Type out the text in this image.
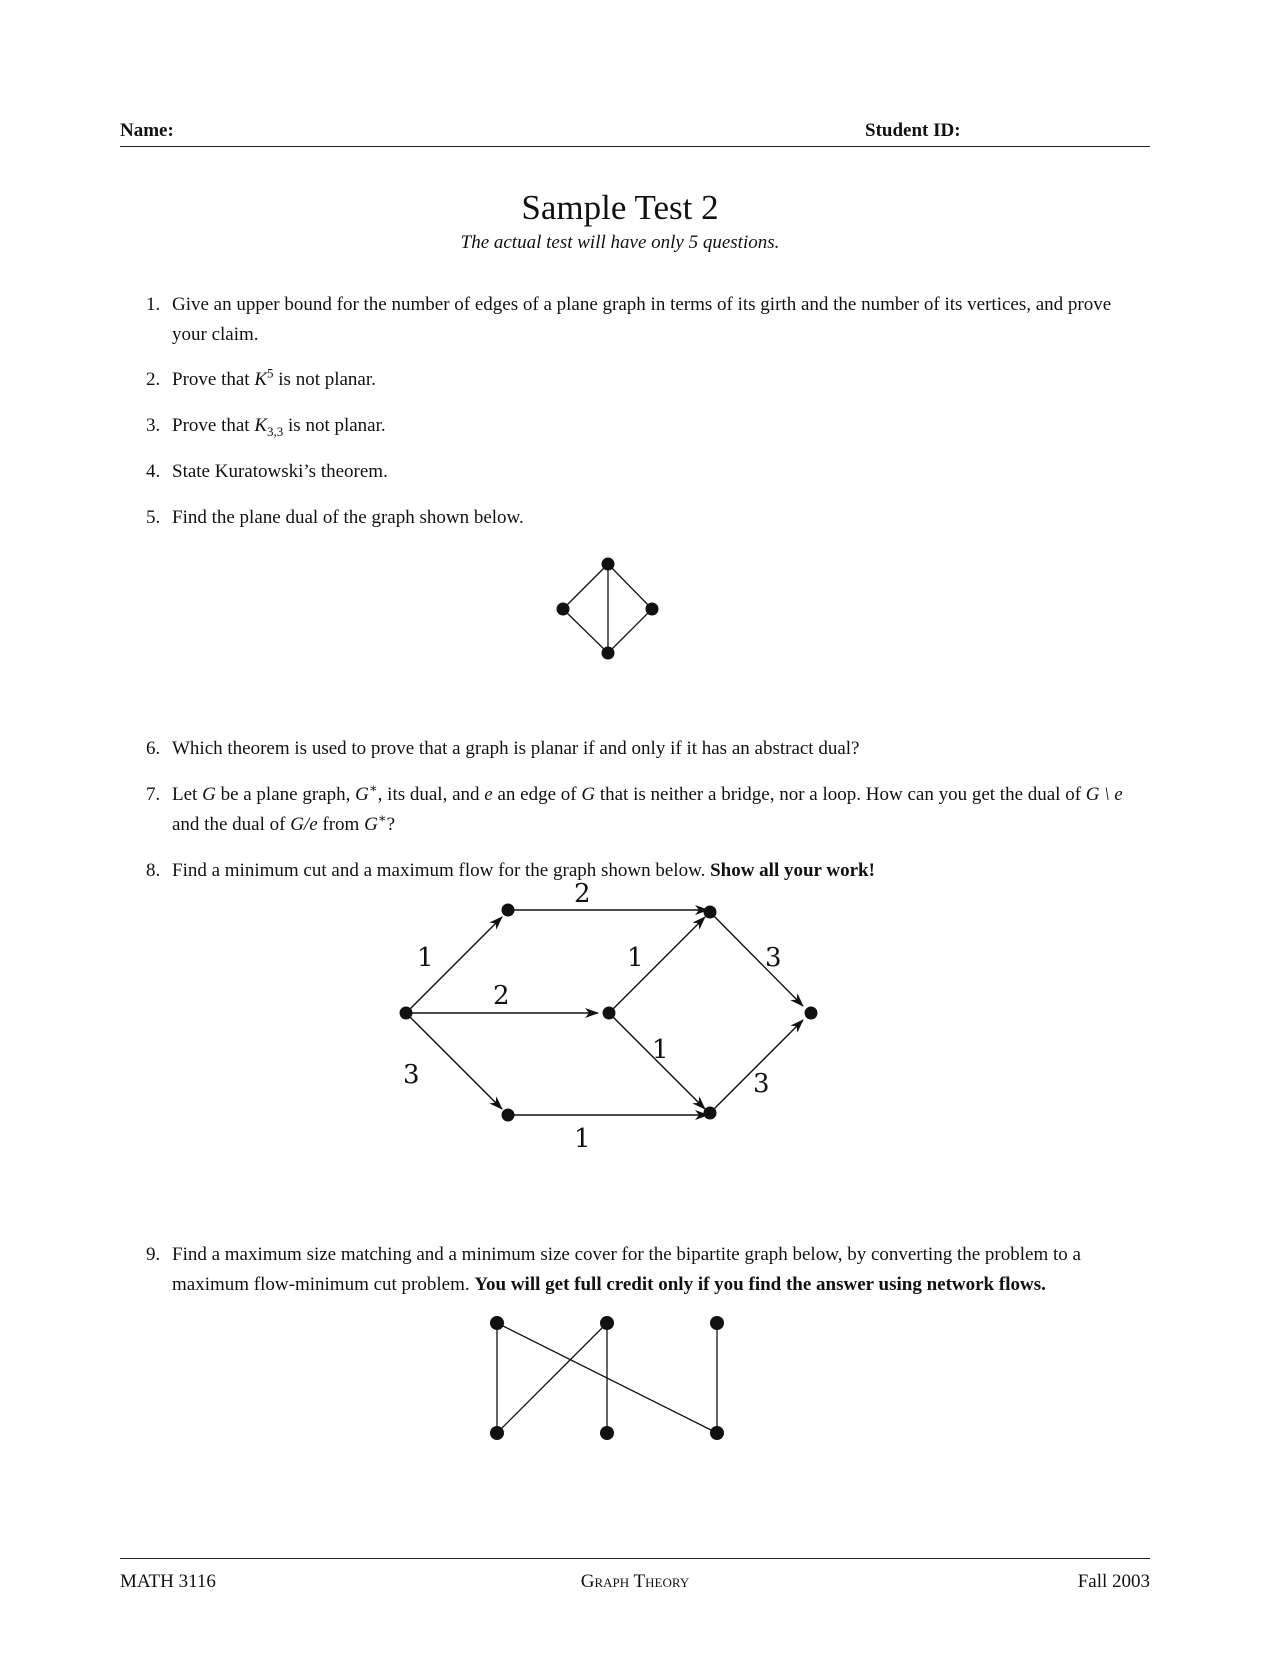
Name:	Student ID:
Sample Test 2
The actual test will have only 5 questions.
1. Give an upper bound for the number of edges of a plane graph in terms of its girth and the number of its vertices, and prove your claim.
2. Prove that $K^5$ is not planar.
3. Prove that $K_{3,3}$ is not planar.
4. State Kuratowski’s theorem.
5. Find the plane dual of the graph shown below.
6. Which theorem is used to prove that a graph is planar if and only if it has an abstract dual?
7. Let G be a plane graph, G∗, its dual, and e an edge of G that is neither a bridge, nor a loop. How can you get the dual of G \ e and the dual of G/e from G∗?
8. Find a minimum cut and a maximum flow for the graph shown below. Show all your work!
9. Find a maximum size matching and a minimum size cover for the bipartite graph below, by converting the problem to a maximum flow-minimum cut problem. You will get full credit only if you find the answer using network flows.
2
1	1	3
2
1
3	3
1
MATH 3116	Graph Theory	Fall 2003
